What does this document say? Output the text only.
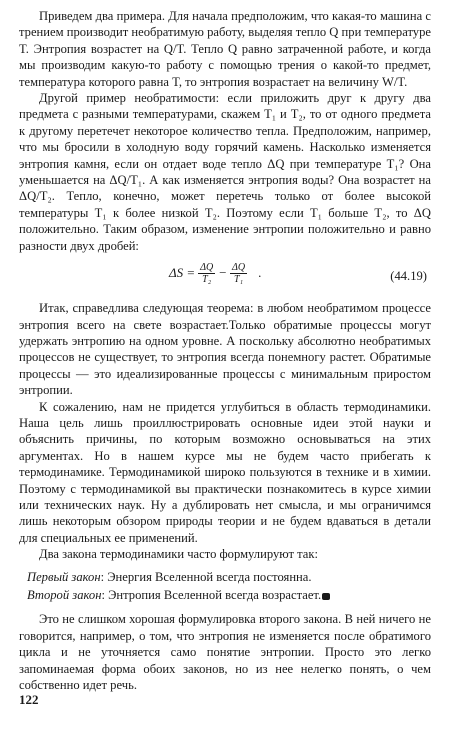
Приведем два примера. Для начала предположим, что какая-то машина с трением производит необратимую работу, выделяя тепло Q при температуре T. Энтропия возрастет на Q/T. Тепло Q равно затраченной работе, и когда мы производим какую-то работу с помощью трения о какой-то предмет, температура которого равна T, то энтропия возрастает на величину W/T.

Другой пример необратимости: если приложить друг к другу два предмета с разными температурами, скажем T₁ и T₂, то от одного предмета к другому перетечет некоторое количество тепла. Предположим, например, что мы бросили в холодную воду горячий камень. Насколько изменяется энтропия камня, если он отдает воде тепло ΔQ при температуре T₁? Она уменьшается на ΔQ/T₁. А как изменяется энтропия воды? Она возрастет на ΔQ/T₂. Тепло, конечно, может перетечь только от более высокой температуры T₁ к более низкой T₂. Поэтому если T₁ больше T₂, то ΔQ положительно. Таким образом, изменение энтропии положительно и равно разности двух дробей:

$\Delta S = \frac{\Delta Q}{\text{T₂}} - \frac{\Delta Q}{\text{T₁}}$ .	(44.19)

Итак, справедлива следующая теорема: в любом необратимом процессе энтропия всего на свете возрастает.Только обратимые процессы могут удержать энтропию на одном уровне. А поскольку абсолютно необратимых процессов не существует, то энтропия всегда понемногу растет. Обратимые процессы — это идеализированные процессы с минимальным приростом энтропии.

К сожалению, нам не придется углубиться в область термодинамики. Наша цель лишь проиллюстрировать основные идеи этой науки и объяснить причины, по которым возможно основываться на этих аргументах. Но в нашем курсе мы не будем часто прибегать к термодинамике. Термодинамикой широко пользуются в технике и в химии. Поэтому с термодинамикой вы практически познакомитесь в курсе химии или технических наук. Ну а дублировать нет смысла, и мы ограничимся лишь некоторым обзором природы теории и не будем вдаваться в детали для специальных ее применений.

Два закона термодинамики часто формулируют так:

Первый закон: Энергия Вселенной всегда постоянна.

Второй закон: Энтропия Вселенной всегда возрастает.

Это не слишком хорошая формулировка второго закона. В ней ничего не говорится, например, о том, что энтропия не изменяется после обратимого цикла и не уточняется само понятие энтропии. Просто это легко запоминаемая форма обоих законов, но из нее нелегко понять, о чем собственно идет речь.

122
